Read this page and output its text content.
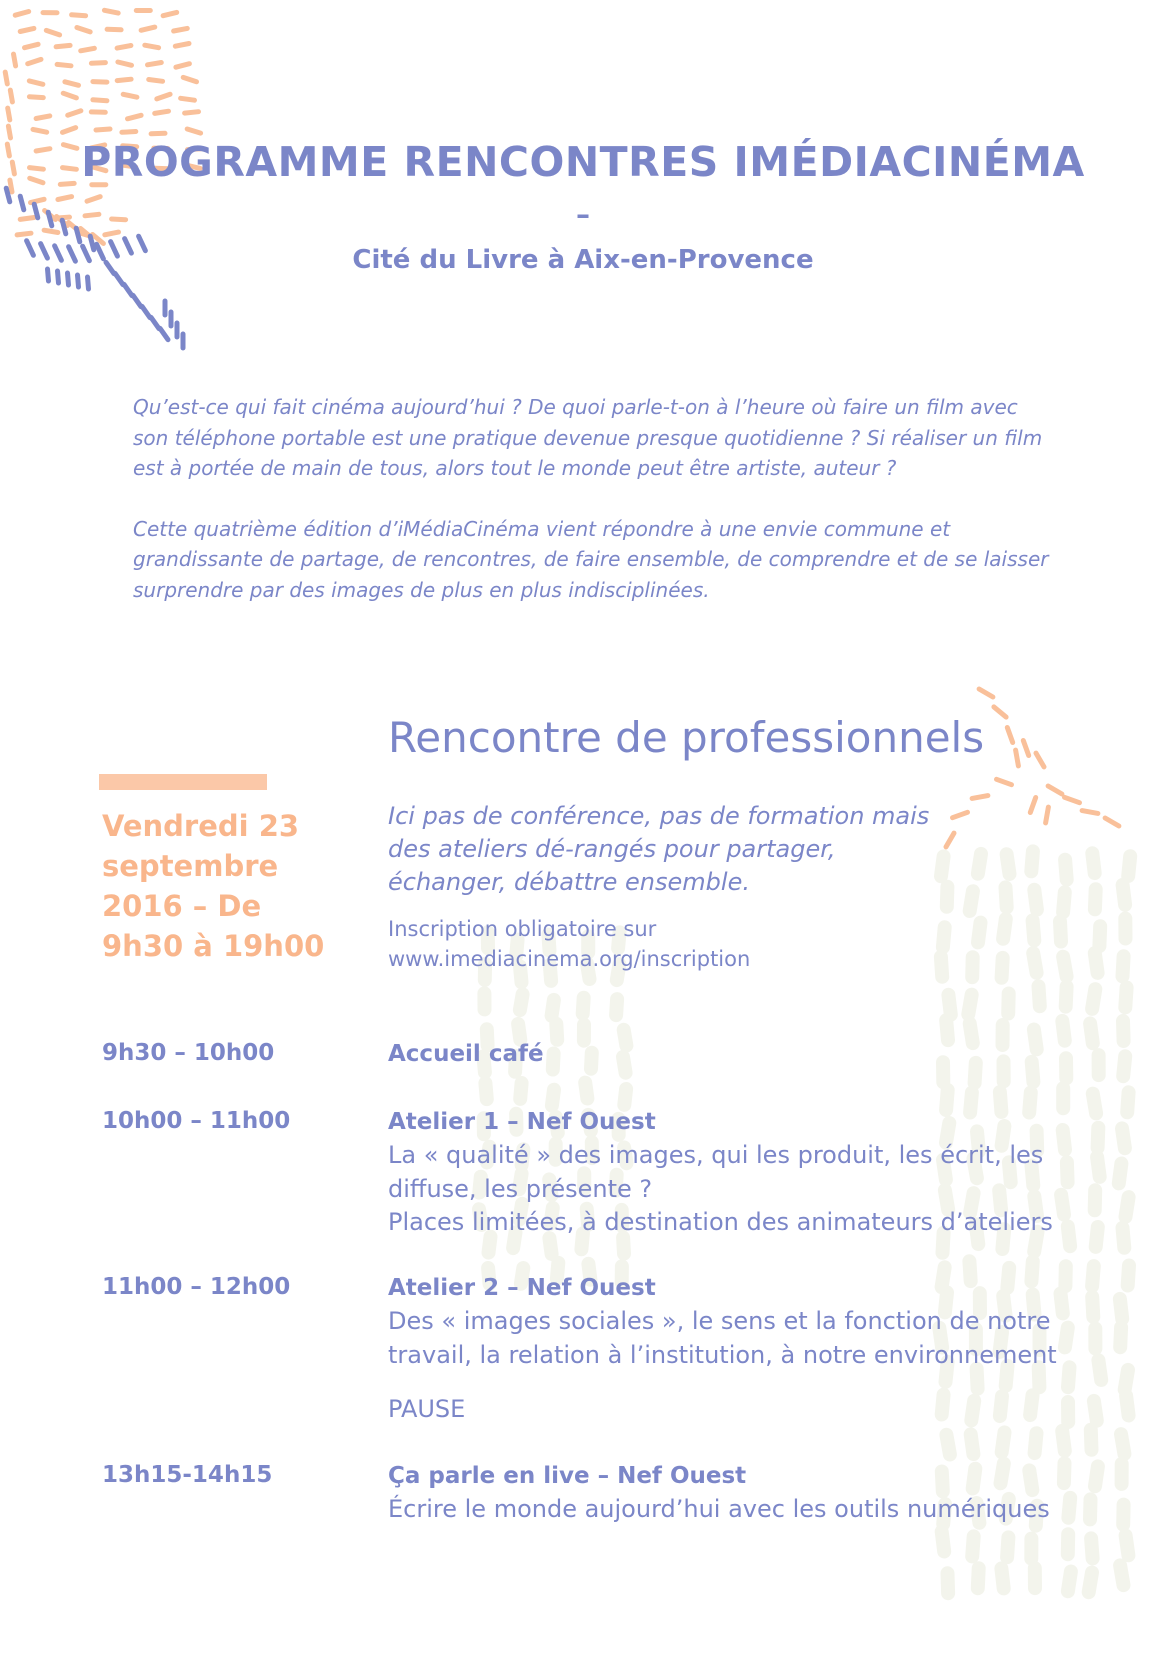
PROGRAMME RENCONTRES IMÉDIACINÉMA
–
Cité du Livre à Aix-en-Provence

Qu’est-ce qui fait cinéma aujourd’hui ? De quoi parle-t-on à l’heure où faire un film avec son téléphone portable est une pratique devenue presque quotidienne ? Si réaliser un film est à portée de main de tous, alors tout le monde peut être artiste, auteur ?

Cette quatrième édition d’iMédiaCinéma vient répondre à une envie commune et grandissante de partage, de rencontres, de faire ensemble, de comprendre et de se laisser surprendre par des images de plus en plus indisciplinées.

Rencontre de professionnels
Vendredi 23 septembre 2016 – De 9h30 à 19h00
Ici pas de conférence, pas de formation mais des ateliers dé-rangés pour partager, échanger, débattre ensemble.
Inscription obligatoire sur
www.imediacinema.org/inscription
9h30 – 10h00	Accueil café
10h00 – 11h00	Atelier 1 – Nef Ouest
La « qualité » des images, qui les produit, les écrit, les diffuse, les présente ?
Places limitées, à destination des animateurs d’ateliers
11h00 – 12h00	Atelier 2 – Nef Ouest
Des « images sociales », le sens et la fonction de notre travail, la relation à l’institution, à notre environnement
PAUSE
13h15-14h15	Ça parle en live – Nef Ouest
Écrire le monde aujourd’hui avec les outils numériques
